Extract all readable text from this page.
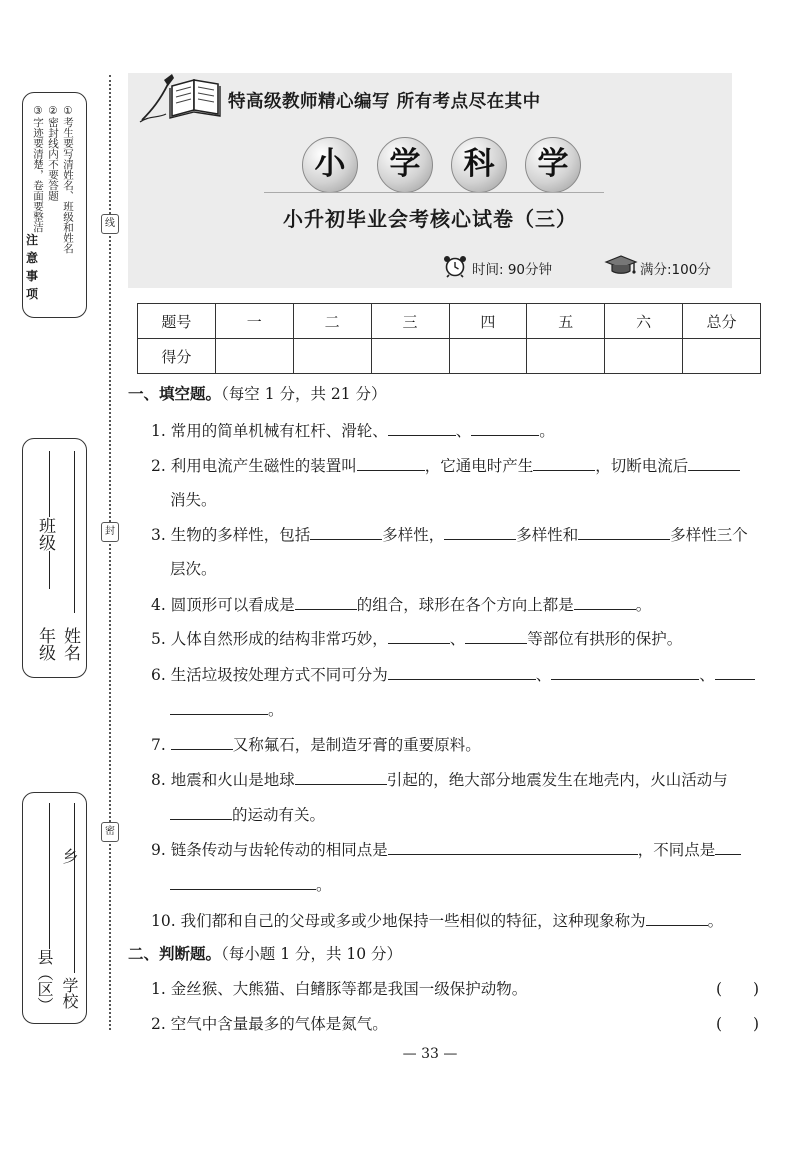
①考生要写清姓名、班级和姓名
②密封线内不要答题
③字迹要清楚，卷面要整洁
注
意
事
项
年级
班级
姓名
县（区）
乡
学校
线
封
密
特高级教师精心编写 所有考点尽在其中
小	学	科	学
小升初毕业会考核心试卷（三）
时间: 90分钟	满分:100分
题号	一	二	三	四	五	六	总分
得分							
一、填空题。（每空 1 分，共 21 分）
1. 常用的简单机械有杠杆、滑轮、	、	。
2. 利用电流产生磁性的装置叫	，它通电时产生	，切断电流后
消失。
3. 生物的多样性，包括	多样性，	多样性和	多样性三个
层次。
4. 圆顶形可以看成是	的组合，球形在各个方向上都是	。
5. 人体自然形成的结构非常巧妙，	、	等部位有拱形的保护。
6. 生活垃圾按处理方式不同可分为	、	、
。
7.	又称氟石，是制造牙膏的重要原料。
8. 地震和火山是地球	引起的，绝大部分地震发生在地壳内，火山活动与
的运动有关。
9. 链条传动与齿轮传动的相同点是	，不同点是
。
10. 我们都和自己的父母或多或少地保持一些相似的特征，这种现象称为	。
二、判断题。（每小题 1 分，共 10 分）
1. 金丝猴、大熊猫、白鳍豚等都是我国一级保护动物。	(　　)
2. 空气中含量最多的气体是氮气。	(　　)
— 33 —
